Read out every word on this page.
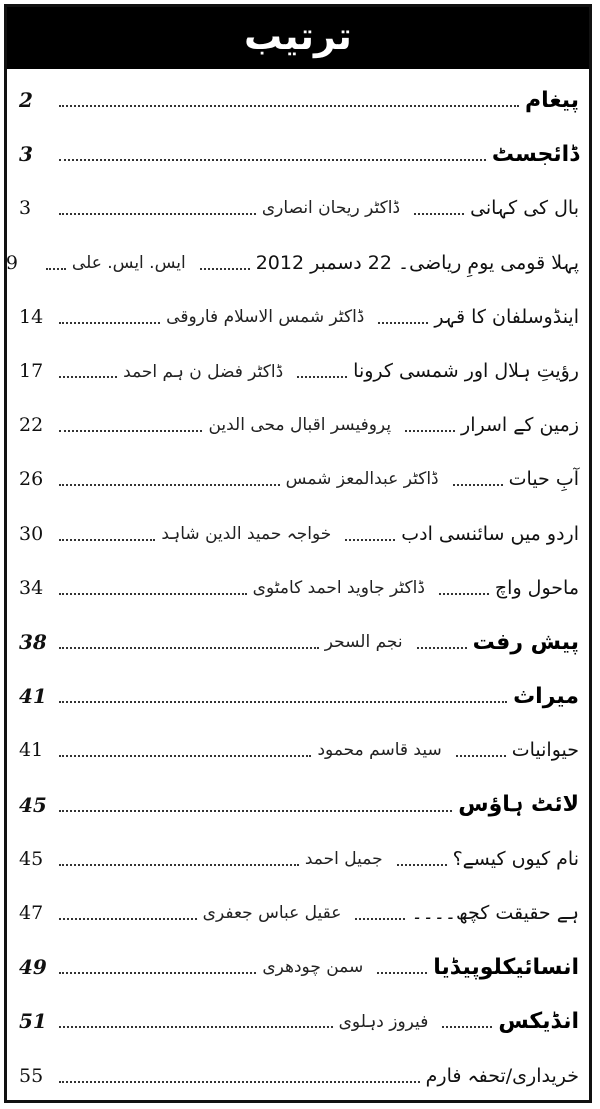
ترتیب
پیغام
2
ڈائجسٹ
3
بال کی کہانی
ڈاکٹر ریحان انصاری
3
پہلا قومی یومِ ریاضی۔ 22 دسمبر 2012
ایس. ایس. علی
9
اینڈوسلفان کا قہر
ڈاکٹر شمس الاسلام فاروقی
14
رؤیتِ ہلال اور شمسی کرونا
ڈاکٹر فضل ن ہم احمد
17
زمین کے اسرار
پروفیسر اقبال محی الدین
22
آبِ حیات
ڈاکٹر عبدالمعز شمس
26
اردو میں سائنسی ادب
خواجہ حمید الدین شاہد
30
ماحول واچ
ڈاکٹر جاوید احمد کامٹوی
34
پیش رفت
نجم السحر
38
میراث
41
حیوانیات
سید قاسم محمود
41
لائٹ ہاؤس
45
نام کیوں کیسے؟
جمیل احمد
45
ہے حقیقت کچھ۔۔۔۔
عقیل عباس جعفری
47
انسائیکلوپیڈیا
سمن چودھری
49
انڈیکس
فیروز دہلوی
51
خریداری/تحفہ فارم
55
